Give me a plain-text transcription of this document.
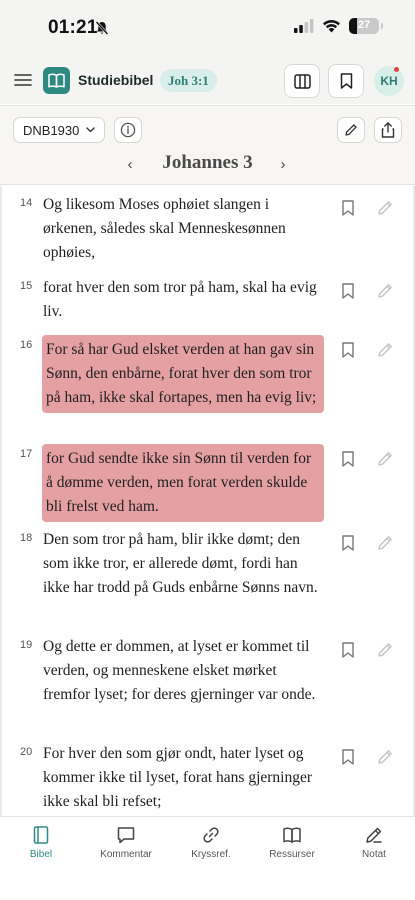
01:21	27
Studiebibel	Joh 3:1	KH
DNB1930
‹	Johannes 3	›
14 Og likesom Moses ophøiet slangen i ørkenen, således skal Menneskesønnen ophøies,
15 forat hver den som tror på ham, skal ha evig liv.
16 For så har Gud elsket verden at han gav sin Sønn, den enbårne, forat hver den som tror på ham, ikke skal fortapes, men ha evig liv;
17 for Gud sendte ikke sin Sønn til verden for å dømme verden, men forat verden skulde bli frelst ved ham.
18 Den som tror på ham, blir ikke dømt; den som ikke tror, er allerede dømt, fordi han ikke har trodd på Guds enbårne Sønns navn.
19 Og dette er dommen, at lyset er kommet til verden, og menneskene elsket mørket fremfor lyset; for deres gjerninger var onde.
20 For hver den som gjør ondt, hater lyset og kommer ikke til lyset, forat hans gjerninger ikke skal bli refset;
Bibel	Kommentar	Kryssref.	Ressurser	Notat
